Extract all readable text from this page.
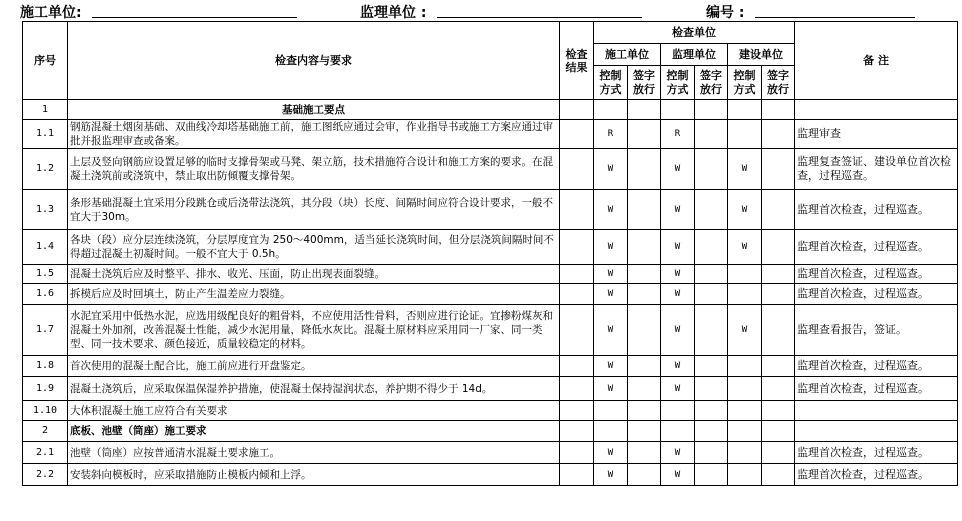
施工单位:	监理单位 :	编号 :
序号	检查内容与要求	检查结果	检查单位						备 注
			施工单位		监理单位		建设单位		
			控制方式	签字放行	控制方式	签字放行	控制方式	签字放行	
1	基础施工要点								
1.1	钢筋混凝土烟囱基础、双曲线冷却塔基础施工前，施工图纸应通过会审，作业指导书或施工方案应通过审批并报监理审查或备案。		R		R				监理审查
1.2	上层及竖向钢筋应设置足够的临时支撑骨架或马凳、架立筋，技术措施符合设计和施工方案的要求。在混凝土浇筑前或浇筑中，禁止取出防倾覆支撑骨架。		W		W		W		监理复查签证、建设单位首次检查，过程巡查。
1.3	条形基础混凝土宜采用分段跳仓或后浇带法浇筑，其分段（块）长度、间隔时间应符合设计要求，一般不宜大于30m。		W		W		W		监理首次检查，过程巡查。
1.4	各块（段）应分层连续浇筑，分层厚度宜为 250～400mm，适当延长浇筑时间，但分层浇筑间隔时间不得超过混凝土初凝时间。一般不宜大于 0.5h。		W		W		W		监理首次检查，过程巡查。
1.5	混凝土浇筑后应及时整平、排水、收光、压面，防止出现表面裂缝。		W		W				监理首次检查，过程巡查。
1.6	拆模后应及时回填土，防止产生温差应力裂缝。		W		W				监理首次检查，过程巡查。
1.7	水泥宜采用中低热水泥，应选用级配良好的粗骨料，不应使用活性骨料，否则应进行论证。宜掺粉煤灰和混凝土外加剂，改善混凝土性能，减少水泥用量，降低水灰比。混凝土原材料应采用同一厂家、同一类型、同一技术要求、颜色接近，质量较稳定的材料。		W		W		W		监理查看报告，签证。
1.8	首次使用的混凝土配合比，施工前应进行开盘鉴定。		W		W				监理首次检查，过程巡查。
1.9	混凝土浇筑后，应采取保温保湿养护措施，使混凝土保持湿润状态，养护期不得少于 14d。		W		W				监理首次检查，过程巡查。
1.10	大体积混凝土施工应符合有关要求								
2	底板、池壁（筒座）施工要求								
2.1	池壁（筒座）应按普通清水混凝土要求施工。		W		W				监理首次检查，过程巡查。
2.2	安装斜向模板时，应采取措施防止模板内倾和上浮。		W		W				监理首次检查，过程巡查。
